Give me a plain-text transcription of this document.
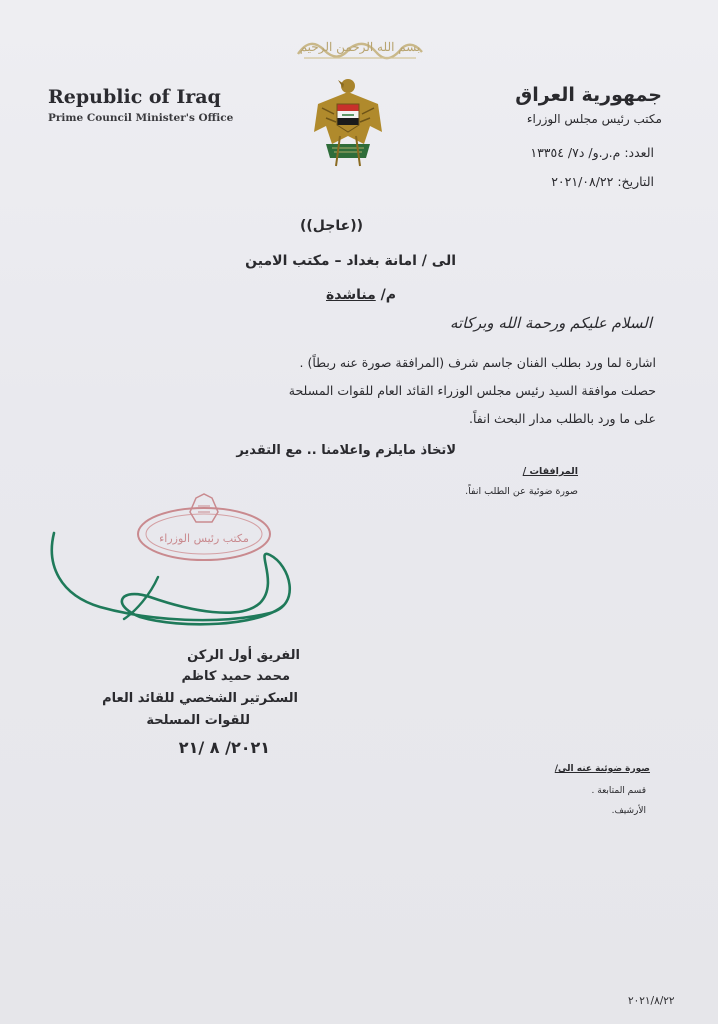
بسم الله الرحمن الرحيم
Republic of Iraq
Prime Council Minister's Office
جمهورية العراق
مكتب رئيس مجلس الوزراء
العدد: م.ر.و/ د٧/ ١٣٣٥٤
التاريخ: ٢٠٢١/٠٨/٢٢
((عاجل))
الى / امانة بغداد – مكتب الامين
م/ مناشدة
السلام عليكم ورحمة الله وبركاته
اشارة لما ورد بطلب الفنان جاسم شرف (المرافقة صورة عنه ربطاً) .
حصلت موافقة السيد رئيس مجلس الوزراء القائد العام للقوات المسلحة
على ما ورد بالطلب مدار البحث انفاً.
لاتخاذ مايلزم واعلامنا .. مع التقدير
المرافقات /
صورة ضوئية عن الطلب انفاً.
مكتب رئيس الوزراء
الفريق أول الركن
محمد حميد كاظم
السكرتير الشخصي للقائد العام
للقوات المسلحة
٢٠٢١/ ٨ /٢١
صورة ضوئية عنه الى/
قسم المتابعة .
الأرشيف.
٢٠٢١/٨/٢٢
